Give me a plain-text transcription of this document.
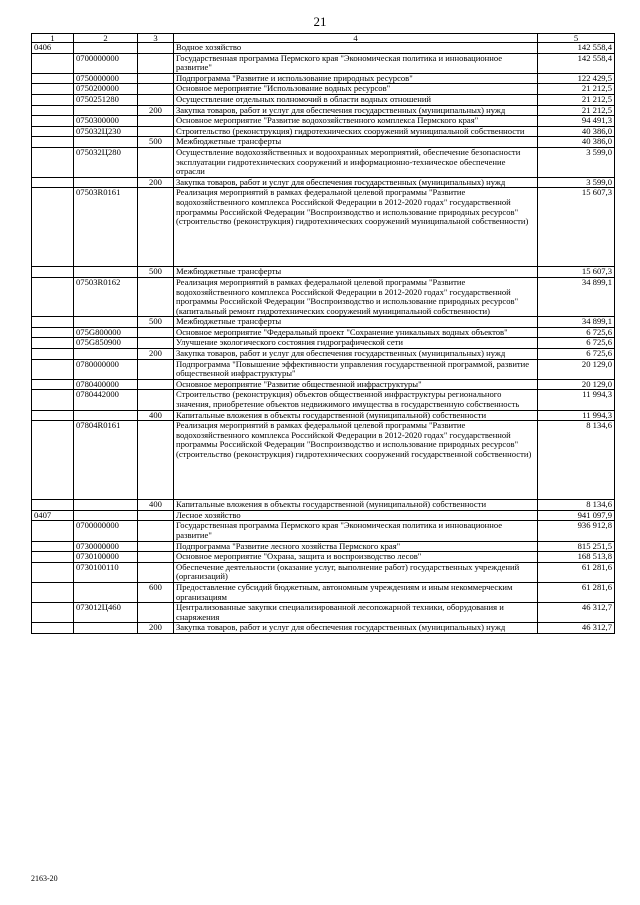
21
1	2	3	4	5
0406			Водное хозяйство	142 558,4
	0700000000		Государственная программа Пермского края "Экономическая политика и инновационное развитие"	142 558,4
	0750000000		Подпрограмма "Развитие и использование природных ресурсов"	122 429,5
	0750200000		Основное мероприятие "Использование водных ресурсов"	21 212,5
	0750251280		Осуществление отдельных полномочий в области водных отношений	21 212,5
		200	Закупка товаров, работ и услуг для обеспечения государственных (муниципальных) нужд	21 212,5
	0750300000		Основное мероприятие "Развитие водохозяйственного комплекса Пермского края"	94 491,3
	075032Ц230		Строительство (реконструкция) гидротехнических сооружений муниципальной собственности	40 386,0
		500	Межбюджетные трансферты	40 386,0
	075032Ц280		Осуществление водохозяйственных и водоохранных мероприятий, обеспечение безопасности эксплуатации гидротехнических сооружений и информационно-техническое обеспечение отрасли	3 599,0
		200	Закупка товаров, работ и услуг для обеспечения государственных (муниципальных) нужд	3 599,0
	07503R0161		Реализация мероприятий в рамках федеральной целевой программы "Развитие водохозяйственного комплекса Российской Федерации в 2012-2020 годах" государственной программы Российской Федерации "Воспроизводство и использование природных ресурсов" (строительство (реконструкция) гидротехнических сооружений муниципальной собственности)	15 607,3
		500	Межбюджетные трансферты	15 607,3
	07503R0162		Реализация мероприятий в рамках федеральной целевой программы "Развитие водохозяйственного комплекса Российской Федерации в 2012-2020 годах" государственной программы Российской Федерации "Воспроизводство и использование природных ресурсов" (капитальный ремонт гидротехнических сооружений муниципальной собственности)	34 899,1
		500	Межбюджетные трансферты	34 899,1
	075G800000		Основное мероприятие "Федеральный проект "Сохранение уникальных водных объектов"	6 725,6
	075G850900		Улучшение экологического состояния гидрографической сети	6 725,6
		200	Закупка товаров, работ и услуг для обеспечения государственных (муниципальных) нужд	6 725,6
	0780000000		Подпрограмма "Повышение эффективности управления государственной программой, развитие общественной инфраструктуры"	20 129,0
	0780400000		Основное мероприятие "Развитие общественной инфраструктуры"	20 129,0
	0780442000		Строительство (реконструкция) объектов общественной инфраструктуры регионального значения, приобретение объектов недвижимого имущества в государственную собственность	11 994,3
		400	Капитальные вложения в объекты государственной (муниципальной) собственности	11 994,3
	07804R0161		Реализация мероприятий в рамках федеральной целевой программы "Развитие водохозяйственного комплекса Российской Федерации в 2012-2020 годах" государственной программы Российской Федерации "Воспроизводство и использование природных ресурсов" (строительство (реконструкция) гидротехнических сооружений государственной собственности)	8 134,6
		400	Капитальные вложения в объекты государственной (муниципальной) собственности	8 134,6
0407			Лесное хозяйство	941 097,9
	0700000000		Государственная программа Пермского края "Экономическая политика и инновационное развитие"	936 912,8
	0730000000		Подпрограмма "Развитие лесного хозяйства Пермского края"	815 251,5
	0730100000		Основное мероприятие "Охрана, защита и воспроизводство лесов"	168 513,8
	0730100110		Обеспечение деятельности (оказание услуг, выполнение работ) государственных учреждений (организаций)	61 281,6
		600	Предоставление субсидий бюджетным, автономным учреждениям и иным некоммерческим организациям	61 281,6
	073012Ц460		Централизованные закупки специализированной лесопожарной техники, оборудования и снаряжения	46 312,7
		200	Закупка товаров, работ и услуг для обеспечения государственных (муниципальных) нужд	46 312,7
2163-20
